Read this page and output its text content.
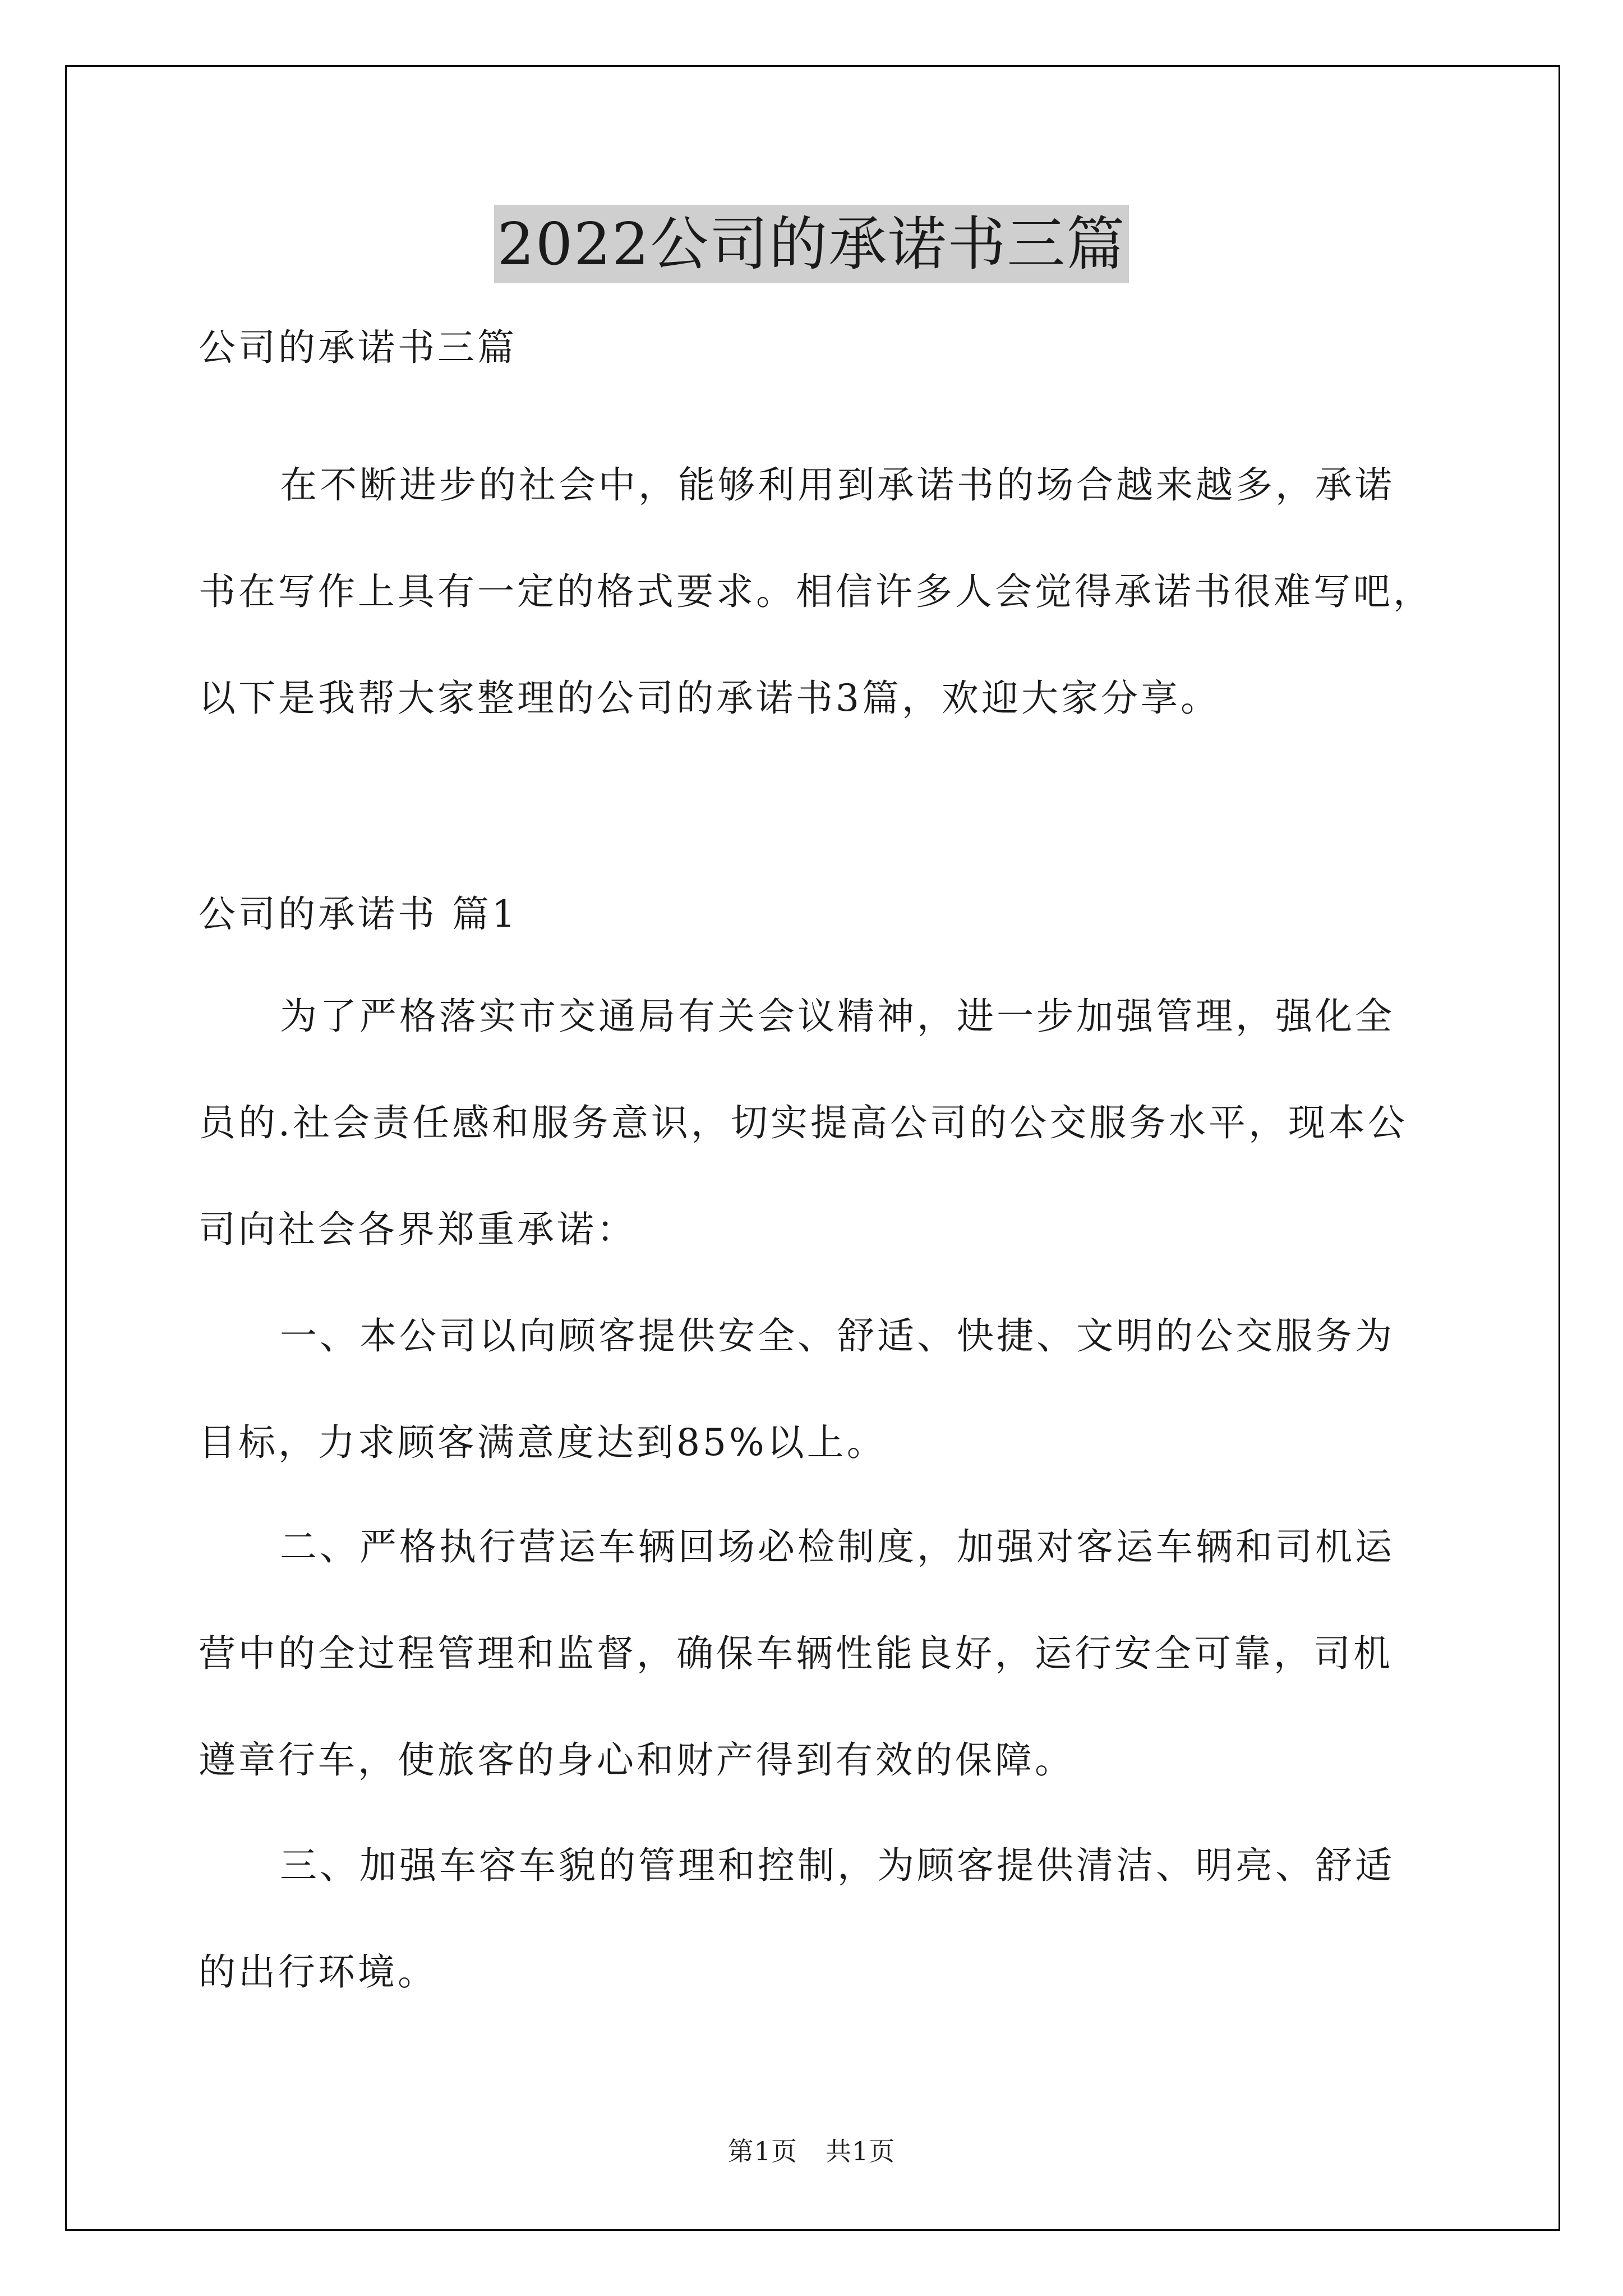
2022公司的承诺书三篇
公司的承诺书三篇
在不断进步的社会中，能够利用到承诺书的场合越来越多，承诺
书在写作上具有一定的格式要求。相信许多人会觉得承诺书很难写吧，
以下是我帮大家整理的公司的承诺书3篇，欢迎大家分享。
公司的承诺书 篇1
为了严格落实市交通局有关会议精神，进一步加强管理，强化全
员的.社会责任感和服务意识，切实提高公司的公交服务水平，现本公
司向社会各界郑重承诺：
一、本公司以向顾客提供安全、舒适、快捷、文明的公交服务为
目标，力求顾客满意度达到85%以上。
二、严格执行营运车辆回场必检制度，加强对客运车辆和司机运
营中的全过程管理和监督，确保车辆性能良好，运行安全可靠，司机
遵章行车，使旅客的身心和财产得到有效的保障。
三、加强车容车貌的管理和控制，为顾客提供清洁、明亮、舒适
的出行环境。
第1页 共1页
